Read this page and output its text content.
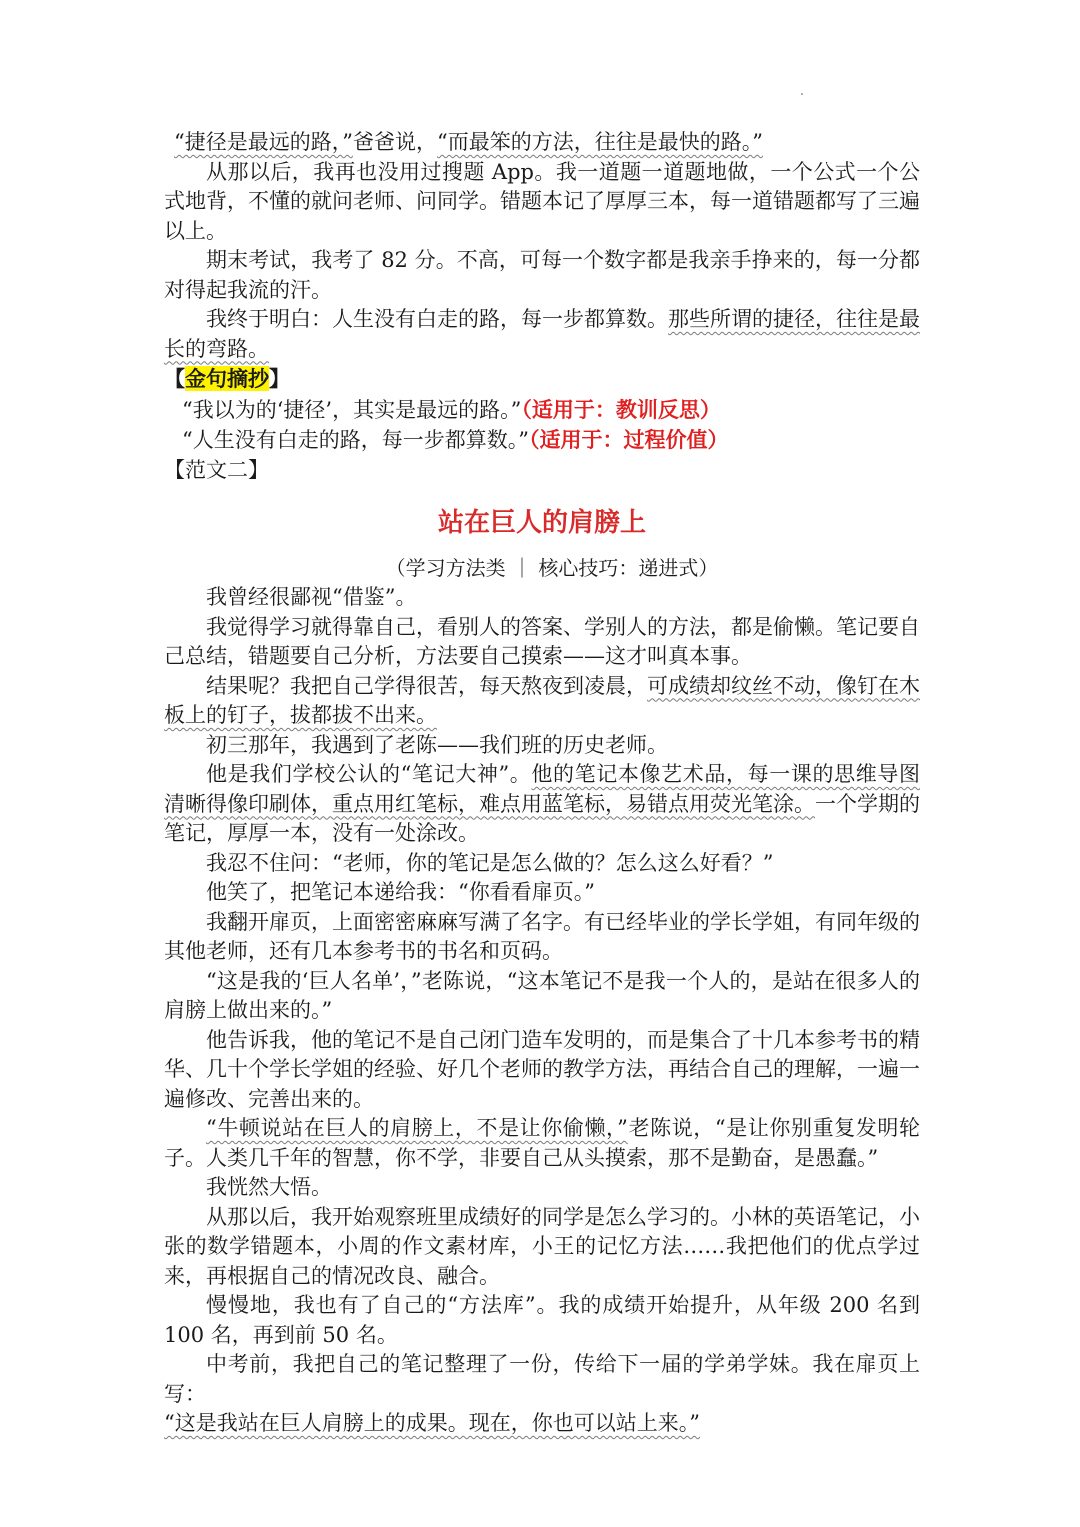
“捷径是最远的路，”爸爸说，“而最笨的方法，往往是最快的路。”

从那以后，我再也没用过搜题 App。我一道题一道题地做，一个公式一个公式地背，不懂的就问老师、问同学。错题本记了厚厚三本，每一道错题都写了三遍以上。

期末考试，我考了 82 分。不高，可每一个数字都是我亲手挣来的，每一分都对得起我流的汗。

我终于明白：人生没有白走的路，每一步都算数。那些所谓的捷径，往往是最长的弯路。

【金句摘抄】

“我以为的‘捷径’，其实是最远的路。”（适用于：教训反思）

“人生没有白走的路，每一步都算数。”（适用于：过程价值）

【范文二】

站在巨人的肩膀上
（学习方法类 ｜ 核心技巧：递进式）

我曾经很鄙视“借鉴”。

我觉得学习就得靠自己，看别人的答案、学别人的方法，都是偷懒。笔记要自己总结，错题要自己分析，方法要自己摸索——这才叫真本事。

结果呢？我把自己学得很苦，每天熬夜到凌晨，可成绩却纹丝不动，像钉在木板上的钉子，拔都拔不出来。

初三那年，我遇到了老陈——我们班的历史老师。

他是我们学校公认的“笔记大神”。他的笔记本像艺术品，每一课的思维导图清晰得像印刷体，重点用红笔标，难点用蓝笔标，易错点用荧光笔涂。一个学期的笔记，厚厚一本，没有一处涂改。

我忍不住问：“老师，你的笔记是怎么做的？怎么这么好看？”

他笑了，把笔记本递给我：“你看看扉页。”

我翻开扉页，上面密密麻麻写满了名字。有已经毕业的学长学姐，有同年级的其他老师，还有几本参考书的书名和页码。

“这是我的‘巨人名单’，”老陈说，“这本笔记不是我一个人的，是站在很多人的肩膀上做出来的。”

他告诉我，他的笔记不是自己闭门造车发明的，而是集合了十几本参考书的精华、几十个学长学姐的经验、好几个老师的教学方法，再结合自己的理解，一遍一遍修改、完善出来的。

“牛顿说站在巨人的肩膀上，不是让你偷懒，”老陈说，“是让你别重复发明轮子。人类几千年的智慧，你不学，非要自己从头摸索，那不是勤奋，是愚蠢。”

我恍然大悟。

从那以后，我开始观察班里成绩好的同学是怎么学习的。小林的英语笔记，小张的数学错题本，小周的作文素材库，小王的记忆方法……我把他们的优点学过来，再根据自己的情况改良、融合。

慢慢地，我也有了自己的“方法库”。我的成绩开始提升，从年级 200 名到 100 名，再到前 50 名。

中考前，我把自己的笔记整理了一份，传给下一届的学弟学妹。我在扉页上写：

“这是我站在巨人肩膀上的成果。现在，你也可以站上来。”
